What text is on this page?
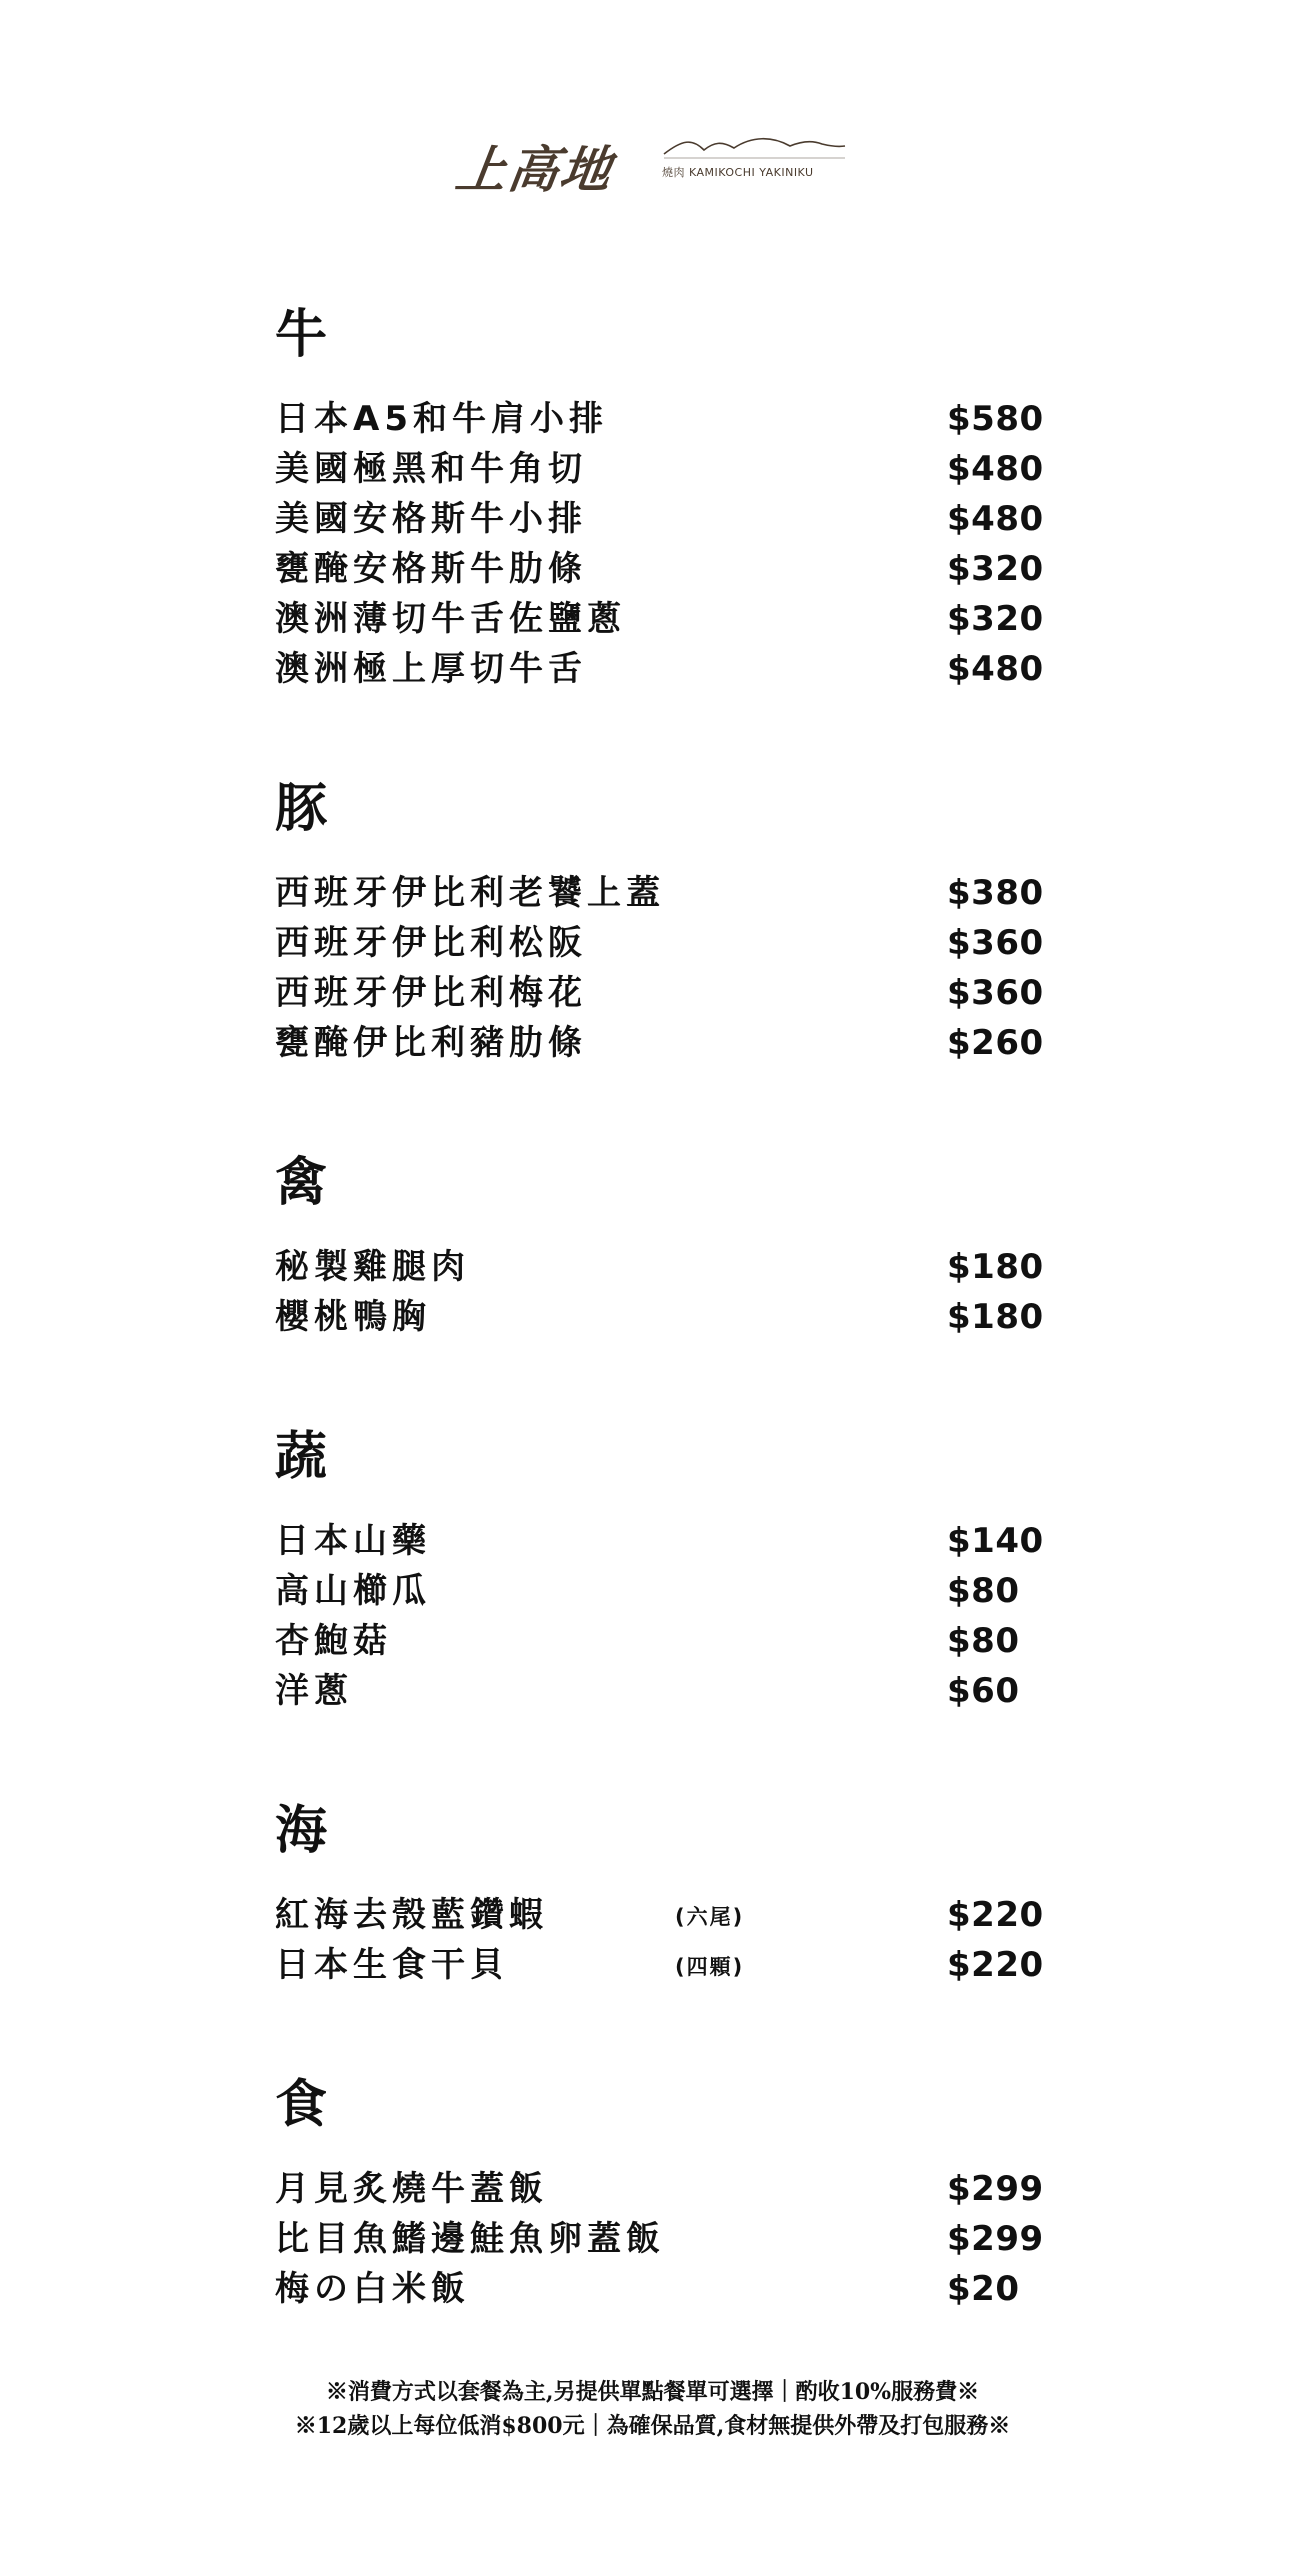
上高地	燒肉 KAMIKOCHI YAKINIKU
牛
日本A5和牛肩小排	$580
美國極黑和牛角切	$480
美國安格斯牛小排	$480
甕醃安格斯牛肋條	$320
澳洲薄切牛舌佐鹽蔥	$320
澳洲極上厚切牛舌	$480
豚
西班牙伊比利老饕上蓋	$380
西班牙伊比利松阪	$360
西班牙伊比利梅花	$360
甕醃伊比利豬肋條	$260
禽
秘製雞腿肉	$180
櫻桃鴨胸	$180
蔬
日本山藥	$140
高山櫛瓜	$80
杏鮑菇	$80
洋蔥	$60
海
紅海去殼藍鑽蝦	(六尾)	$220
日本生食干貝	(四顆)	$220
食
月見炙燒牛蓋飯	$299
比目魚鰭邊鮭魚卵蓋飯	$299
梅の白米飯	$20
※消費方式以套餐為主,另提供單點餐單可選擇｜酌收10%服務費※
※12歲以上每位低消$800元｜為確保品質,食材無提供外帶及打包服務※
